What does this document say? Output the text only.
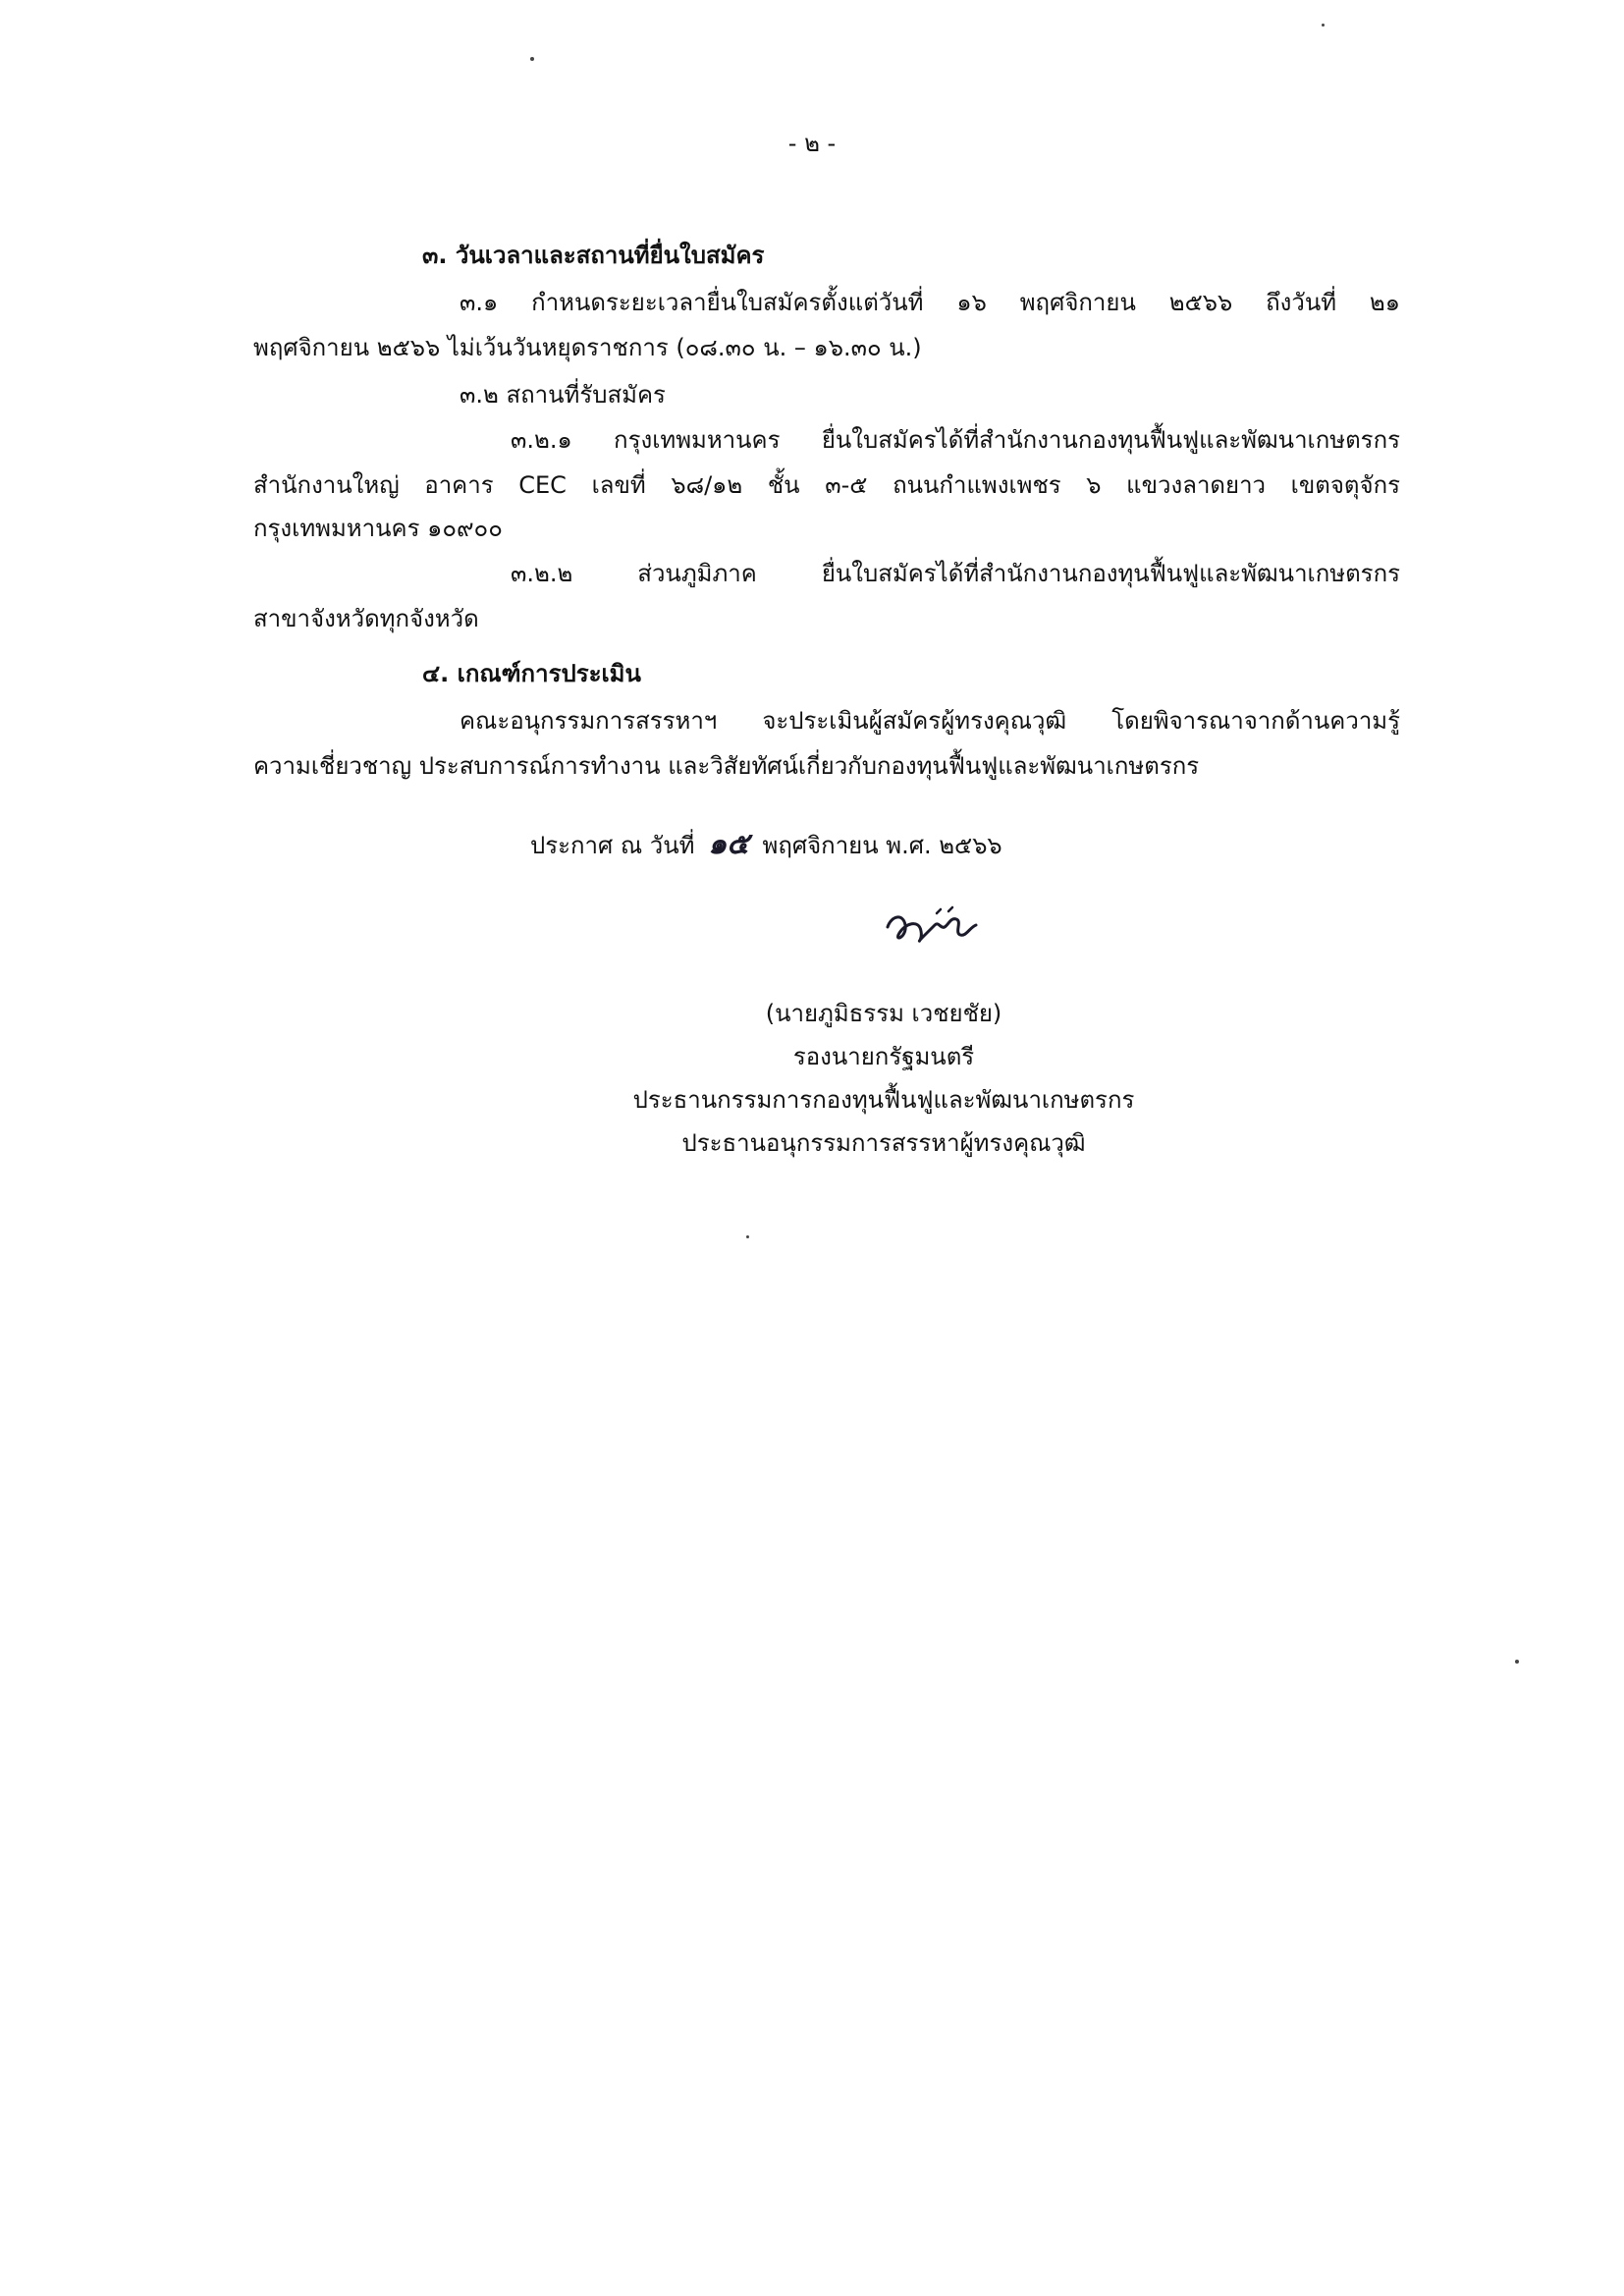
- ๒ -
๓. วันเวลาและสถานที่ยื่นใบสมัคร
๓.๑ กำหนดระยะเวลายื่นใบสมัครตั้งแต่วันที่ ๑๖ พฤศจิกายน ๒๕๖๖ ถึงวันที่ ๒๑
พฤศจิกายน ๒๕๖๖ ไม่เว้นวันหยุดราชการ (๐๘.๓๐ น. – ๑๖.๓๐ น.)
๓.๒ สถานที่รับสมัคร
๓.๒.๑ กรุงเทพมหานคร ยื่นใบสมัครได้ที่สำนักงานกองทุนฟื้นฟูและพัฒนาเกษตรกร
สำนักงานใหญ่ อาคาร CEC เลขที่ ๖๘/๑๒ ชั้น ๓-๕ ถนนกำแพงเพชร ๖ แขวงลาดยาว เขตจตุจักร
กรุงเทพมหานคร ๑๐๙๐๐
๓.๒.๒ ส่วนภูมิภาค ยื่นใบสมัครได้ที่สำนักงานกองทุนฟื้นฟูและพัฒนาเกษตรกร
สาขาจังหวัดทุกจังหวัด
๔. เกณฑ์การประเมิน
คณะอนุกรรมการสรรหาฯ จะประเมินผู้สมัครผู้ทรงคุณวุฒิ โดยพิจารณาจากด้านความรู้
ความเชี่ยวชาญ ประสบการณ์การทำงาน และวิสัยทัศน์เกี่ยวกับกองทุนฟื้นฟูและพัฒนาเกษตรกร
ประกาศ ณ วันที่ ๑๕ พฤศจิกายน พ.ศ. ๒๕๖๖
(นายภูมิธรรม เวชยชัย)
รองนายกรัฐมนตรี
ประธานกรรมการกองทุนฟื้นฟูและพัฒนาเกษตรกร
ประธานอนุกรรมการสรรหาผู้ทรงคุณวุฒิ
